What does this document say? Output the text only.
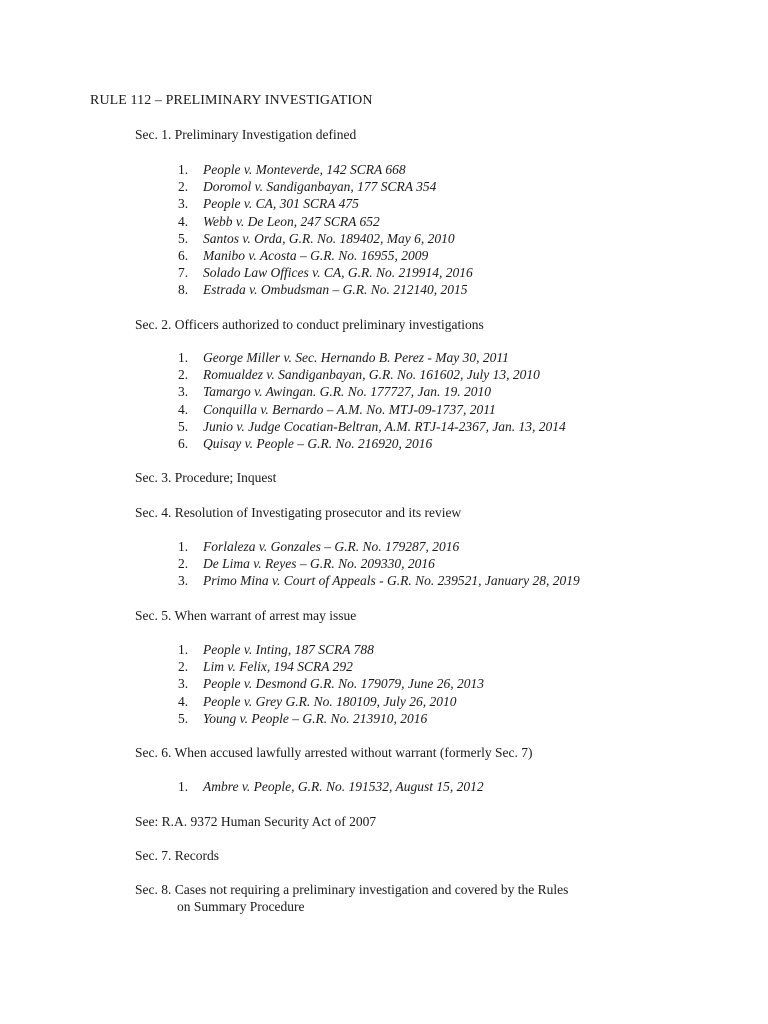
RULE 112 – PRELIMINARY INVESTIGATION
Sec. 1. Preliminary Investigation defined
1. People v. Monteverde, 142 SCRA 668
2. Doromol v. Sandiganbayan, 177 SCRA 354
3. People v. CA, 301 SCRA 475
4. Webb v. De Leon, 247 SCRA 652
5. Santos v. Orda, G.R. No. 189402, May 6, 2010
6. Manibo v. Acosta – G.R. No. 16955, 2009
7. Solado Law Offices v. CA, G.R. No. 219914, 2016
8. Estrada v. Ombudsman – G.R. No. 212140, 2015
Sec. 2. Officers authorized to conduct preliminary investigations
1. George Miller v. Sec. Hernando B. Perez - May 30, 2011
2. Romualdez v. Sandiganbayan, G.R. No. 161602, July 13, 2010
3. Tamargo v. Awingan. G.R. No. 177727, Jan. 19. 2010
4. Conquilla v. Bernardo – A.M. No. MTJ-09-1737, 2011
5. Junio v. Judge Cocatian-Beltran, A.M. RTJ-14-2367, Jan. 13, 2014
6. Quisay v. People – G.R. No. 216920, 2016
Sec. 3. Procedure; Inquest
Sec. 4. Resolution of Investigating prosecutor and its review
1. Forlaleza v. Gonzales – G.R. No. 179287, 2016
2. De Lima v. Reyes – G.R. No. 209330, 2016
3. Primo Mina v. Court of Appeals - G.R. No. 239521, January 28, 2019
Sec. 5. When warrant of arrest may issue
1. People v. Inting, 187 SCRA 788
2. Lim v. Felix, 194 SCRA 292
3. People v. Desmond G.R. No. 179079, June 26, 2013
4. People v. Grey G.R. No. 180109, July 26, 2010
5. Young v. People – G.R. No. 213910, 2016
Sec. 6. When accused lawfully arrested without warrant (formerly Sec. 7)
1. Ambre v. People, G.R. No. 191532, August 15, 2012
See: R.A. 9372 Human Security Act of 2007
Sec. 7. Records
Sec. 8. Cases not requiring a preliminary investigation and covered by the Rules
on Summary Procedure
